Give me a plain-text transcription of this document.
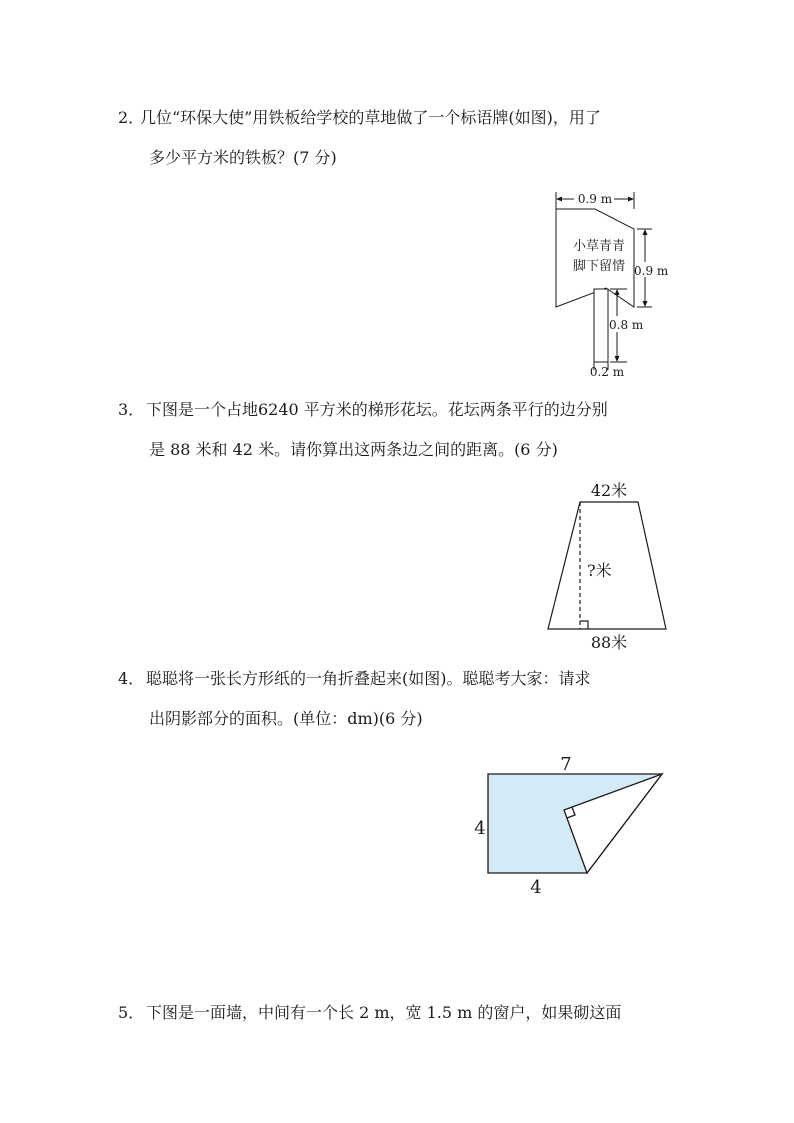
2．
几位“环保大使”用铁板给学校的草地做了一个标语牌(如图)，用了
多少平方米的铁板？(7 分)
0.9 m
小草青青
脚下留情 0.9 m
0.8 m
0.2 m
3． 下图是一个占地6240 平方米的梯形花坛。花坛两条平行的边分别
是 88 米和 42 米。请你算出这两条边之间的距离。(6 分)
42米
?米
88米
4． 聪聪将一张长方形纸的一角折叠起来(如图)。聪聪考大家：请求
出阴影部分的面积。(单位：dm)(6 分)
7
4
4
5． 下图是一面墙，中间有一个长 2 m，宽 1.5 m 的窗户，如果砌这面
